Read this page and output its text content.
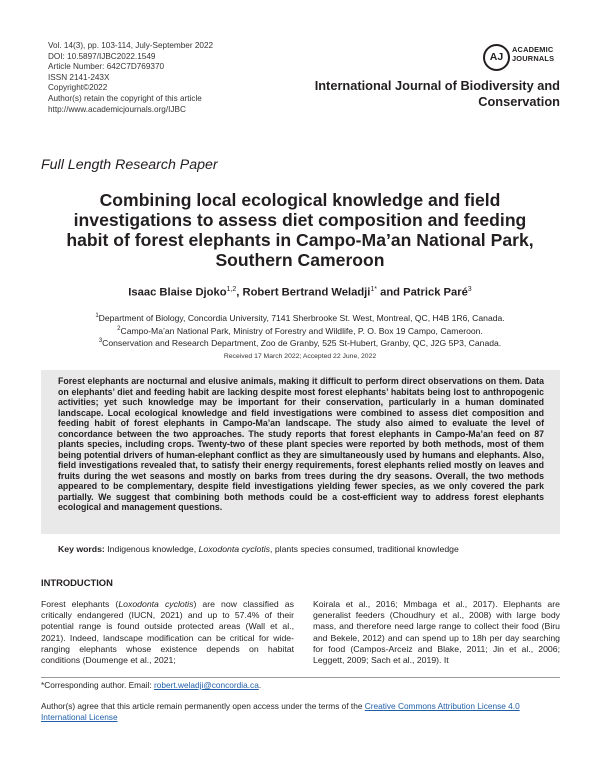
Vol. 14(3), pp. 103-114, July-September 2022
DOI: 10.5897/IJBC2022.1549
Article Number: 642C7D769370
ISSN 2141-243X
Copyright©2022
Author(s) retain the copyright of this article
http://www.academicjournals.org/IJBC
AJ
ACADEMIC
JOURNALS
International Journal of Biodiversity and Conservation
Full Length Research Paper
Combining local ecological knowledge and field investigations to assess diet composition and feeding habit of forest elephants in Campo-Ma’an National Park, Southern Cameroon
Isaac Blaise Djoko$^{1,2}$, Robert Bertrand Weladji$^{1*}$ and Patrick Paré$^3$
$^1$Department of Biology, Concordia University, 7141 Sherbrooke St. West, Montreal, QC, H4B 1R6, Canada.
$^2$Campo-Ma’an National Park, Ministry of Forestry and Wildlife, P. O. Box 19 Campo, Cameroon.
$^3$Conservation and Research Department, Zoo de Granby, 525 St-Hubert, Granby, QC, J2G 5P3, Canada.
Received 17 March 2022; Accepted 22 June, 2022
Forest elephants are nocturnal and elusive animals, making it difficult to perform direct observations on them. Data on elephants’ diet and feeding habit are lacking despite most forest elephants’ habitats being lost to anthropogenic activities; yet such knowledge may be important for their conservation, particularly in a human dominated landscape. Local ecological knowledge and field investigations were combined to assess diet composition and feeding habit of forest elephants in Campo-Ma’an landscape. The study also aimed to evaluate the level of concordance between the two approaches. The study reports that forest elephants in Campo-Ma’an feed on 87 plants species, including crops. Twenty-two of these plant species were reported by both methods, most of them being potential drivers of human-elephant conflict as they are simultaneously used by humans and elephants. Also, field investigations revealed that, to satisfy their energy requirements, forest elephants relied mostly on leaves and fruits during the wet seasons and mostly on barks from trees during the dry seasons. Overall, the two methods appeared to be complementary, despite field investigations yielding fewer species, as we only covered the park partially. We suggest that combining both methods could be a cost-efficient way to address forest elephants ecological and management questions.
Key words: Indigenous knowledge, Loxodonta cyclotis, plants species consumed, traditional knowledge
INTRODUCTION
Forest elephants (Loxodonta cyclotis) are now classified as critically endangered (IUCN, 2021) and up to 57.4% of their potential range is found outside protected areas (Wall et al., 2021). Indeed, landscape modification can be critical for wide-ranging elephants whose existence depends on habitat conditions (Doumenge et al., 2021;
Koirala et al., 2016; Mmbaga et al., 2017). Elephants are generalist feeders (Choudhury et al., 2008) with large body mass, and therefore need large range to collect their food (Biru and Bekele, 2012) and can spend up to 18h per day searching for food (Campos-Arceiz and Blake, 2011; Jin et al., 2006; Leggett, 2009; Sach et al., 2019). It
*Corresponding author. Email: robert.weladji@concordia.ca.
Author(s) agree that this article remain permanently open access under the terms of the Creative Commons Attribution License 4.0 International License
